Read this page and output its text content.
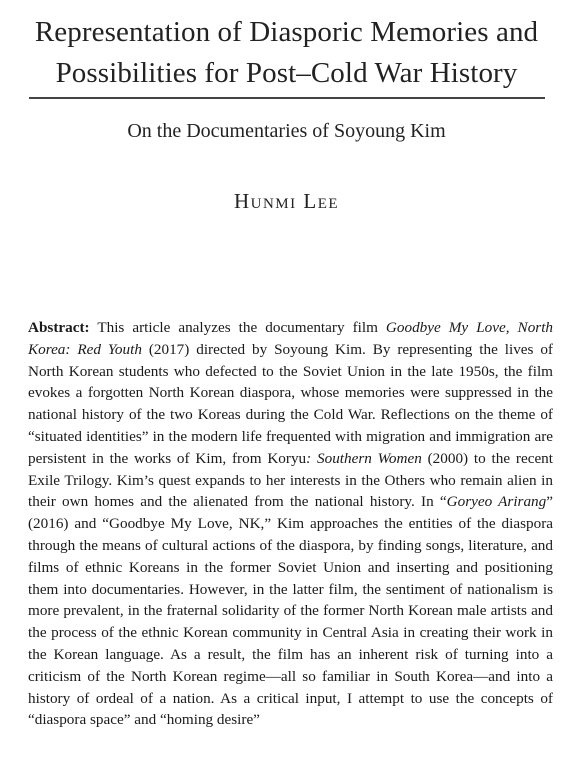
Representation of Diasporic Memories and
Possibilities for Post–Cold War History
On the Documentaries of Soyoung Kim
Hunmi Lee

Abstract: This article analyzes the documentary film Goodbye My Love, North Korea: Red Youth (2017) directed by Soyoung Kim. By representing the lives of North Korean students who defected to the Soviet Union in the late 1950s, the film evokes a forgotten North Korean diaspora, whose memories were suppressed in the national history of the two Koreas during the Cold War. Reflections on the theme of “situated identities” in the modern life frequented with migration and immigration are persistent in the works of Kim, from Koryu: Southern Women (2000) to the recent Exile Trilogy. Kim’s quest expands to her interests in the Others who remain alien in their own homes and the alienated from the national history. In “Goryeo Arirang” (2016) and “Goodbye My Love, NK,” Kim approaches the entities of the diaspora through the means of cultural actions of the diaspora, by finding songs, literature, and films of ethnic Koreans in the former Soviet Union and inserting and positioning them into documentaries. However, in the latter film, the sentiment of nationalism is more prevalent, in the fraternal solidarity of the former North Korean male artists and the process of the ethnic Korean community in Central Asia in creating their work in the Korean language. As a result, the film has an inherent risk of turning into a criticism of the North Korean regime—all so familiar in South Korea—and into a history of ordeal of a nation. As a critical input, I attempt to use the concepts of “diaspora space” and “homing desire”
